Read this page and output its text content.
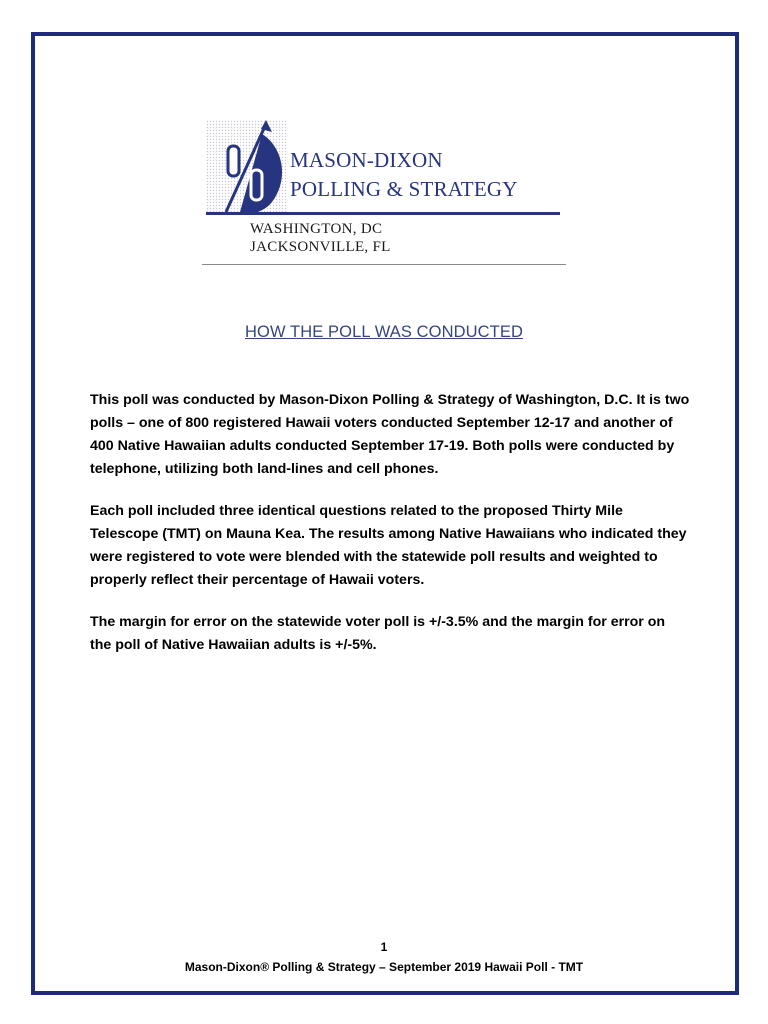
MASON-DIXON
POLLING & STRATEGY
WASHINGTON, DC
JACKSONVILLE, FL
HOW THE POLL WAS CONDUCTED

This poll was conducted by Mason-Dixon Polling & Strategy of Washington, D.C. It is two polls – one of 800 registered Hawaii voters conducted September 12-17 and another of 400 Native Hawaiian adults conducted September 17-19. Both polls were conducted by telephone, utilizing both land-lines and cell phones.

Each poll included three identical questions related to the proposed Thirty Mile Telescope (TMT) on Mauna Kea. The results among Native Hawaiians who indicated they were registered to vote were blended with the statewide poll results and weighted to properly reflect their percentage of Hawaii voters.

The margin for error on the statewide voter poll is +/-3.5% and the margin for error on the poll of Native Hawaiian adults is +/-5%.

1
Mason-Dixon® Polling & Strategy – September 2019 Hawaii Poll - TMT
